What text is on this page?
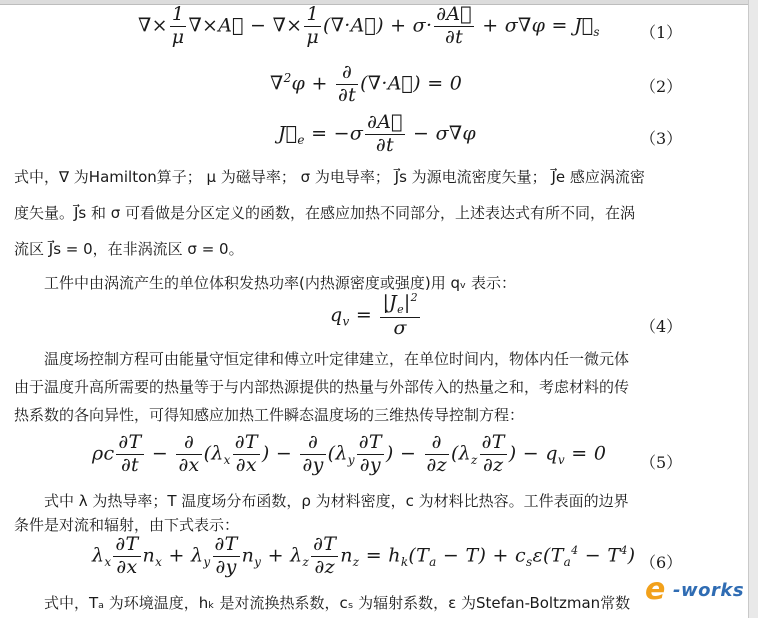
∇× $\frac{1}{\mu}$ ∇×A⃗ − ∇× $\frac{1}{\mu}$ (∇·A⃗) + $\sigma\cdot \frac{\partial A⃗}{\partial t} + \sigma\nabla\varphi$ = $J⃗_s$	（1）
$\nabla^2\varphi + \frac{\partial}{\partial t}$ (∇·A⃗) = 0	（2）
$J⃗_e = -\sigma \frac{\partial A⃗}{\partial t} - \sigma\nabla\varphi$	（3）
式中，∇ 为Hamilton算子； μ 为磁导率； σ 为电导率； J⃗s 为源电流密度矢量； J⃗e 感应涡流密
度矢量。J⃗s 和 σ 可看做是分区定义的函数，在感应加热不同部分，上述表达式有所不同，在涡
流区 J⃗s = 0，在非涡流区 σ = 0。
工件中由涡流产生的单位体积发热功率(内热源密度或强度)用 qᵥ 表示：
$q_v = \frac{|J_e|^2}{\sigma}$	（4）
温度场控制方程可由能量守恒定律和傅立叶定律建立，在单位时间内，物体内任一微元体
由于温度升高所需要的热量等于与内部热源提供的热量与外部传入的热量之和，考虑材料的传
热系数的各向异性，可得知感应加热工件瞬态温度场的三维热传导控制方程：
ρc $\frac{\partial T}{\partial t} - \frac{\partial}{\partial x} (\lambda_x \frac{\partial T}{\partial x}$ ) − $\frac{\partial}{\partial y} (\lambda_y \frac{\partial T}{\partial y}$ ) − $\frac{\partial}{\partial z} (\lambda_z \frac{\partial T}{\partial z}$ ) − $q_v = 0$ （5）
式中 λ 为热导率；T 温度场分布函数，ρ 为材料密度，c 为材料比热容。工件表面的边界
条件是对流和辐射，由下式表示：
$\lambda_x \frac{\partial T}{\partial x} n_x + \lambda_y \frac{\partial T}{\partial y} n_y + \lambda_z \frac{\partial T}{\partial z} n_z = h_k(T_a - T) + c_s\varepsilon(T_a^4 - T^4)$ （6）
式中，Tₐ 为环境温度，hₖ 是对流换热系数，cₛ 为辐射系数，ε 为Stefan-Boltzman常数 e -works
